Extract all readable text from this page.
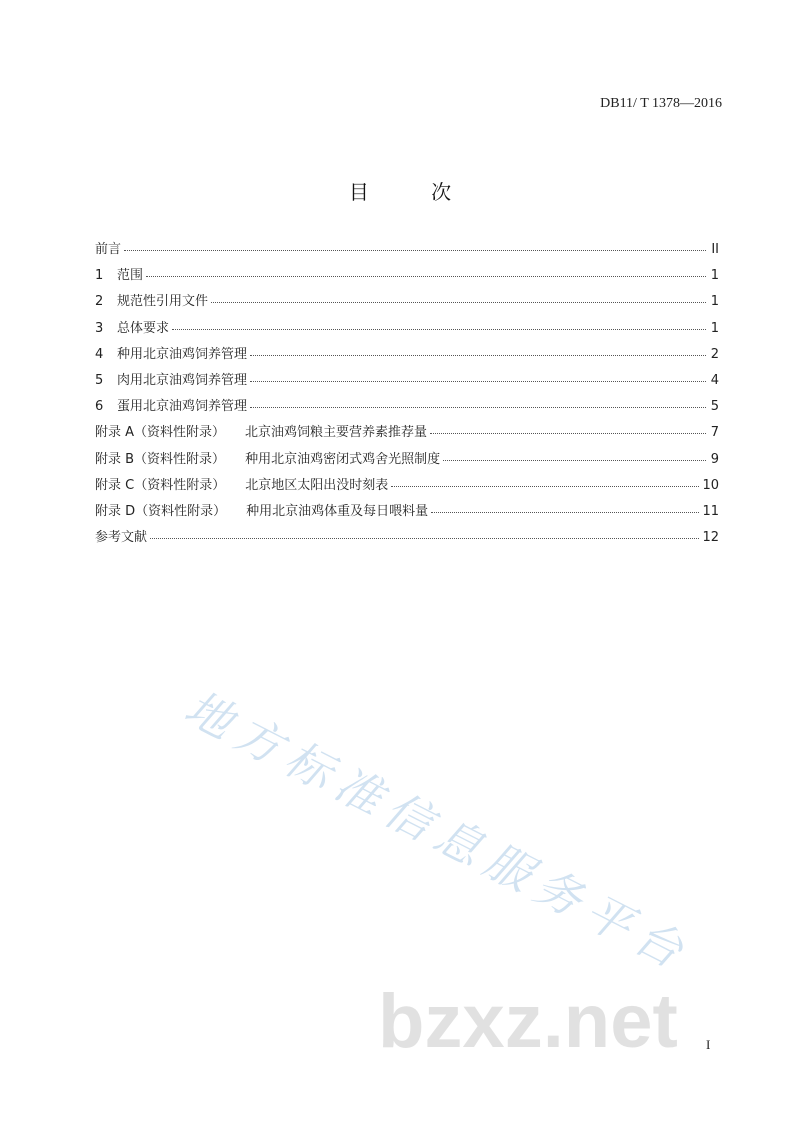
DB11/ T 1378—2016
目 次
前言	II
1	范围	1
2	规范性引用文件	1
3	总体要求	1
4	种用北京油鸡饲养管理	2
5	肉用北京油鸡饲养管理	4
6	蛋用北京油鸡饲养管理	5
附录 A（资料性附录） 北京油鸡饲粮主要营养素推荐量	7
附录 B（资料性附录） 种用北京油鸡密闭式鸡舍光照制度	9
附录 C（资料性附录） 北京地区太阳出没时刻表	10
附录 D（资料性附录） 种用北京油鸡体重及每日喂料量	11
参考文献	12
地方标准信息服务平台
bzxz.net I
